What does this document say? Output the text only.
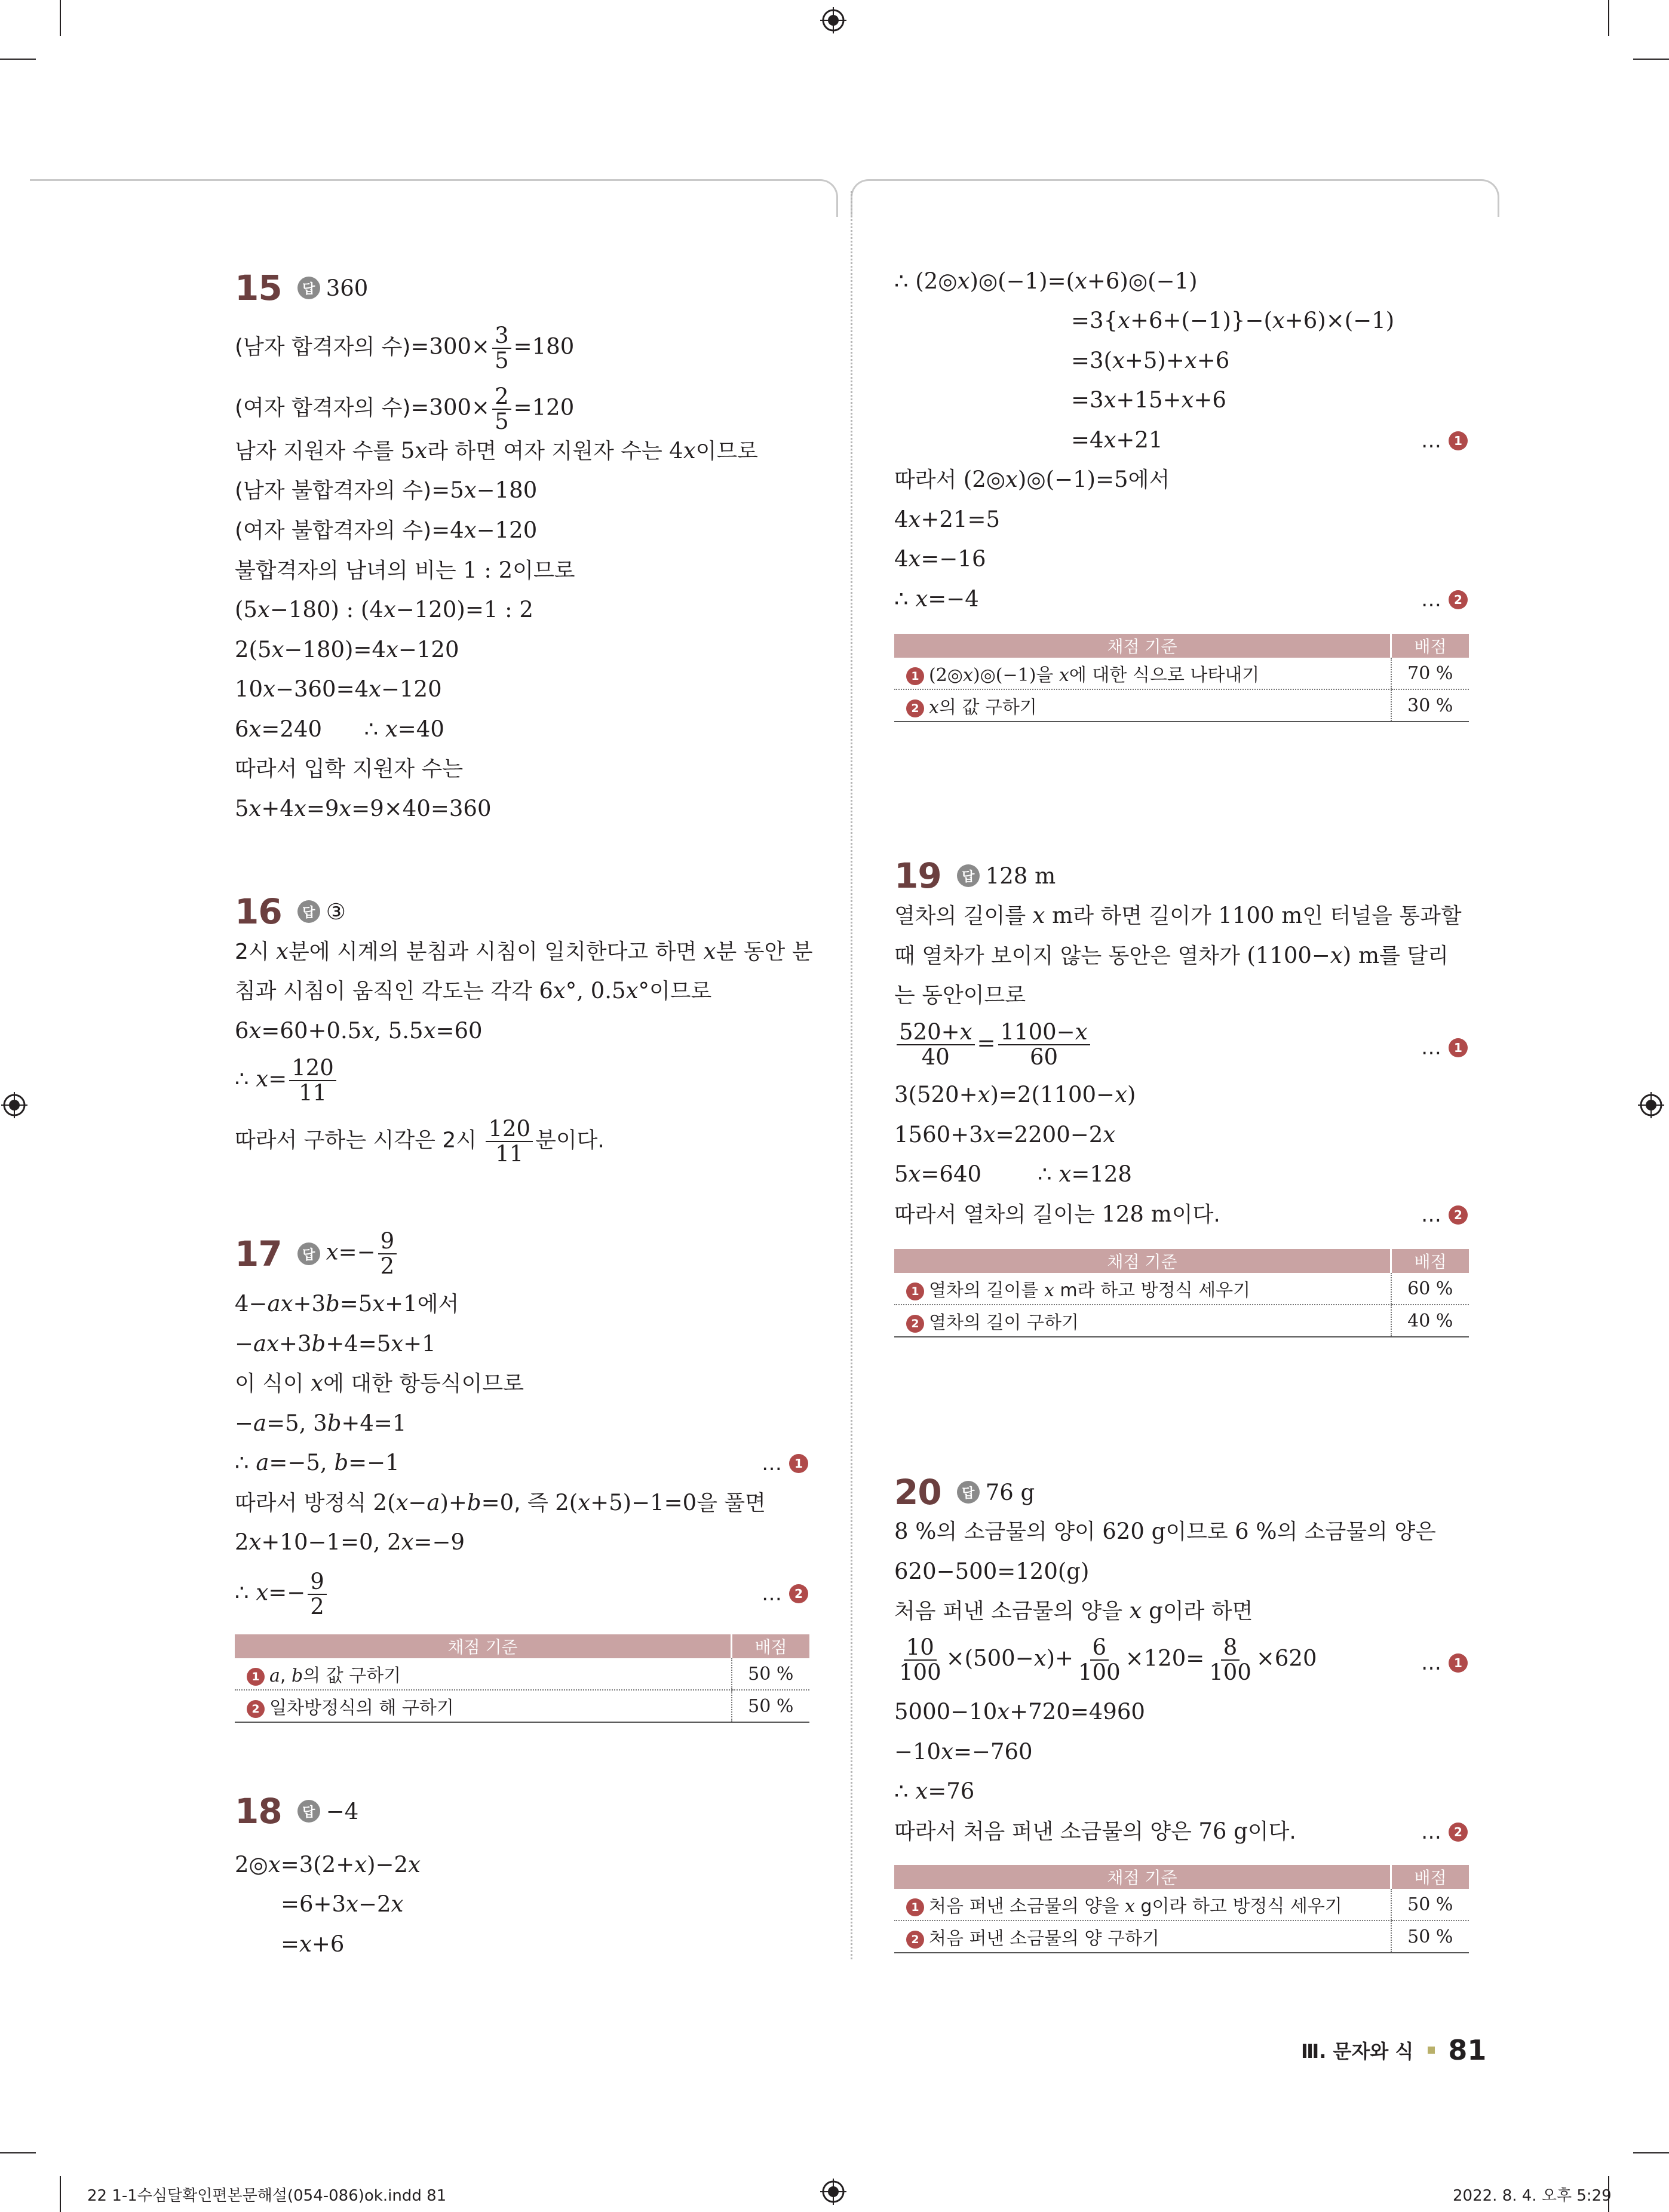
15	답 360
(남자 합격자의 수)$=300\times \frac{3}{5} =180$
(여자 합격자의 수)$=300\times \frac{2}{5} =120$
남자 지원자 수를 5x라 하면 여자 지원자 수는 4x이므로
(남자 불합격자의 수)=5x−180
(여자 불합격자의 수)=4x−120
불합격자의 남녀의 비는 1 : 2이므로
(5x−180) : (4x−120)=1 : 2
2(5x−180)=4x−120
10x−360=4x−120
6x=240      ∴ x=40
따라서 입학 지원자 수는
5x+4x=9x=9×40=360
16	답 ③
2시 x분에 시계의 분침과 시침이 일치한다고 하면 x분 동안 분
침과 시침이 움직인 각도는 각각 6x°, 0.5x°이므로
6x=60+0.5x, 5.5x=60
∴ $x= \frac{120}{11}$
따라서 구하는 시각은 2시 $\frac{120}{11}$ 분이다.
17	답 $x=- \frac{9}{2}$
4−ax+3b=5x+1에서
−ax+3b+4=5x+1
이 식이 x에 대한 항등식이므로
−a=5, 3b+4=1
∴ a=−5, b=−1	… 1
따라서 방정식 2(x−a)+b=0, 즉 2(x+5)−1=0을 풀면
2x+10−1=0, 2x=−9
∴ $x=- \frac{9}{2}$	… 2
채점 기준	배점
1 a, b의 값 구하기	50 %
2 일차방정식의 해 구하기	50 %
18	답 −4
2◎x=3(2+x)−2x
=6+3x−2x
=x+6
∴ (2◎x)◎(−1)=(x+6)◎(−1)
=3{x+6+(−1)}−(x+6)×(−1)
=3(x+5)+x+6
=3x+15+x+6
=4x+21	… 1
따라서 (2◎x)◎(−1)=5에서
4x+21=5
4x=−16
∴ x=−4	… 2
채점 기준	배점
1 (2◎x)◎(−1)을 x에 대한 식으로 나타내기	70 %
2 x의 값 구하기	30 %
19	답 128 m
열차의 길이를 x m라 하면 길이가 1100 m인 터널을 통과할
때 열차가 보이지 않는 동안은 열차가 (1100−x) m를 달리
는 동안이므로
$\frac{520+x}{40} = \frac{1100-x}{60}$	… 1
3(520+x)=2(1100−x)
1560+3x=2200−2x
5x=640        ∴ x=128
따라서 열차의 길이는 128 m이다.	… 2
채점 기준	배점
1 열차의 길이를 x m라 하고 방정식 세우기	60 %
2 열차의 길이 구하기	40 %
20	답 76 g
8 %의 소금물의 양이 620 g이므로 6 %의 소금물의 양은
620−500=120(g)
처음 퍼낸 소금물의 양을 x g이라 하면
$\frac{10}{100} \times(500-x)+ \frac{6}{100} \times 120= \frac{8}{100} \times 620$	… 1
5000−10x+720=4960
−10x=−760
∴ x=76
따라서 처음 퍼낸 소금물의 양은 76 g이다.	… 2
채점 기준	배점
1 처음 퍼낸 소금물의 양을 x g이라 하고 방정식 세우기	50 %
2 처음 퍼낸 소금물의 양 구하기	50 %
Ⅲ. 문자와 식 81
22 1-1수심달확인편본문해설(054-086)ok.indd 81	2022. 8. 4. 오후 5:29
